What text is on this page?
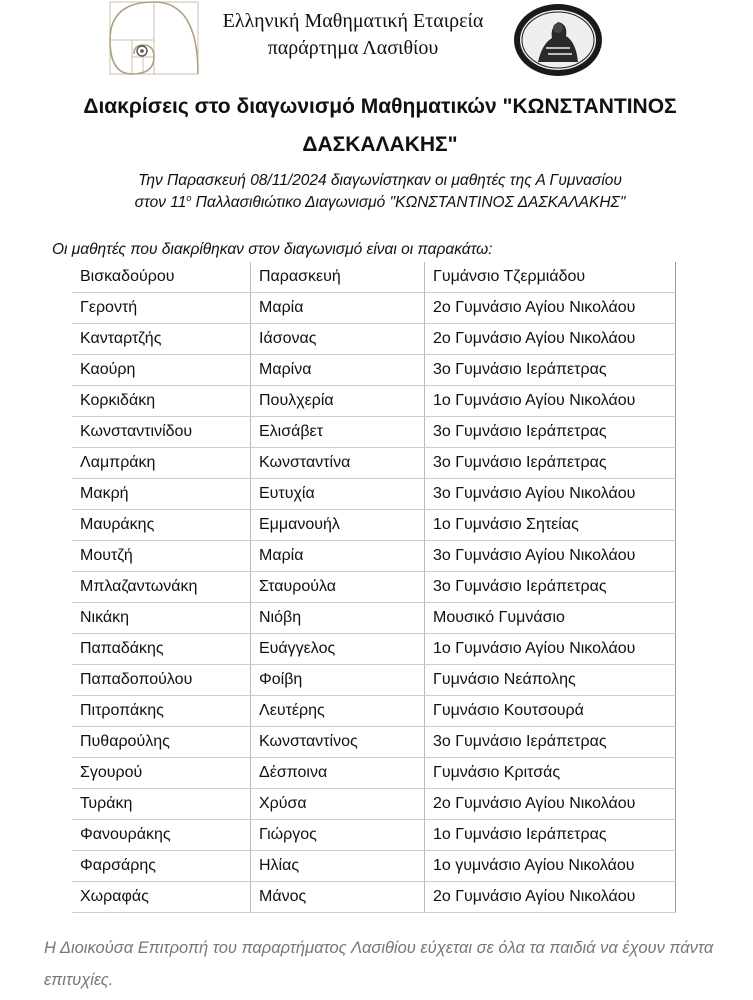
Ελληνική Μαθηματική Εταιρεία
παράρτημα Λασιθίου
Διακρίσεις στο διαγωνισμό Μαθηματικών "ΚΩΝΣΤΑΝΤΙΝΟΣ ΔΑΣΚΑΛΑΚΗΣ"
Την Παρασκευή 08/11/2024 διαγωνίστηκαν οι μαθητές της Α Γυμνασίου
στον $11^o$ Παλλασιθιώτικο Διαγωνισμό "ΚΩΝΣΤΑΝΤΙΝΟΣ ΔΑΣΚΑΛΑΚΗΣ"
Οι μαθητές που διακρίθηκαν στον διαγωνισμό είναι οι παρακάτω:
Βισκαδούρου	Παρασκευή	Γυμάνσιο Τζερμιάδου
Γεροντή	Μαρία	2ο Γυμνάσιο Αγίου Νικολάου
Κανταρτζής	Ιάσονας	2ο Γυμνάσιο Αγίου Νικολάου
Καούρη	Μαρίνα	3ο Γυμνάσιο Ιεράπετρας
Κορκιδάκη	Πουλχερία	1ο Γυμνάσιο Αγίου Νικολάου
Κωνσταντινίδου	Ελισάβετ	3ο Γυμνάσιο Ιεράπετρας
Λαμπράκη	Κωνσταντίνα	3ο Γυμνάσιο Ιεράπετρας
Μακρή	Ευτυχία	3ο Γυμνάσιο Αγίου Νικολάου
Μαυράκης	Εμμανουήλ	1ο Γυμνάσιο Σητείας
Μουτζή	Μαρία	3ο Γυμνάσιο Αγίου Νικολάου
Μπλαζαντωνάκη	Σταυρούλα	3ο Γυμνάσιο Ιεράπετρας
Νικάκη	Νιόβη	Μουσικό Γυμνάσιο
Παπαδάκης	Ευάγγελος	1ο Γυμνάσιο Αγίου Νικολάου
Παπαδοπούλου	Φοίβη	Γυμνάσιο Νεάπολης
Πιτροπάκης	Λευτέρης	Γυμνάσιο Κουτσουρά
Πυθαρούλης	Κωνσταντίνος	3ο Γυμνάσιο Ιεράπετρας
Σγουρού	Δέσποινα	Γυμνάσιο Κριτσάς
Τυράκη	Χρύσα	2ο Γυμνάσιο Αγίου Νικολάου
Φανουράκης	Γιώργος	1ο Γυμνάσιο Ιεράπετρας
Φαρσάρης	Ηλίας	1ο γυμνάσιο Αγίου Νικολάου
Χωραφάς	Μάνος	2ο Γυμνάσιο Αγίου Νικολάου
Η Διοικούσα Επιτροπή του παραρτήματος Λασιθίου εύχεται σε όλα τα παιδιά να έχουν πάντα επιτυχίες.
